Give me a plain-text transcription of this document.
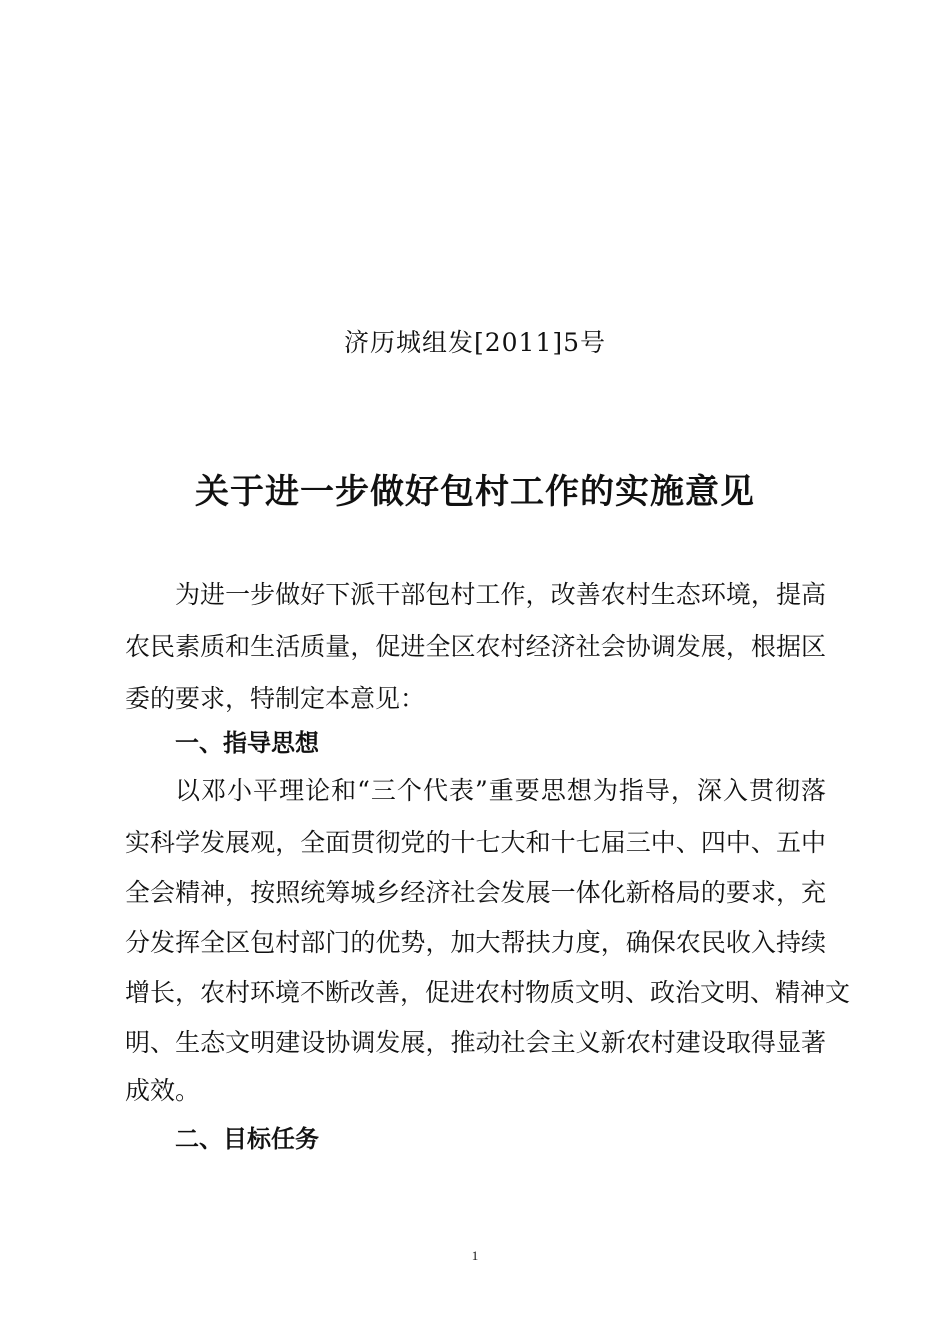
济历城组发[2011]5号
关于进一步做好包村工作的实施意见
为进一步做好下派干部包村工作，改善农村生态环境，提高
农民素质和生活质量，促进全区农村经济社会协调发展，根据区
委的要求，特制定本意见：
一、指导思想
以邓小平理论和“三个代表”重要思想为指导，深入贯彻落
实科学发展观，全面贯彻党的十七大和十七届三中、四中、五中
全会精神，按照统筹城乡经济社会发展一体化新格局的要求，充
分发挥全区包村部门的优势，加大帮扶力度，确保农民收入持续
增长，农村环境不断改善，促进农村物质文明、政治文明、精神文
明、生态文明建设协调发展，推动社会主义新农村建设取得显著
成效。
二、目标任务
1
